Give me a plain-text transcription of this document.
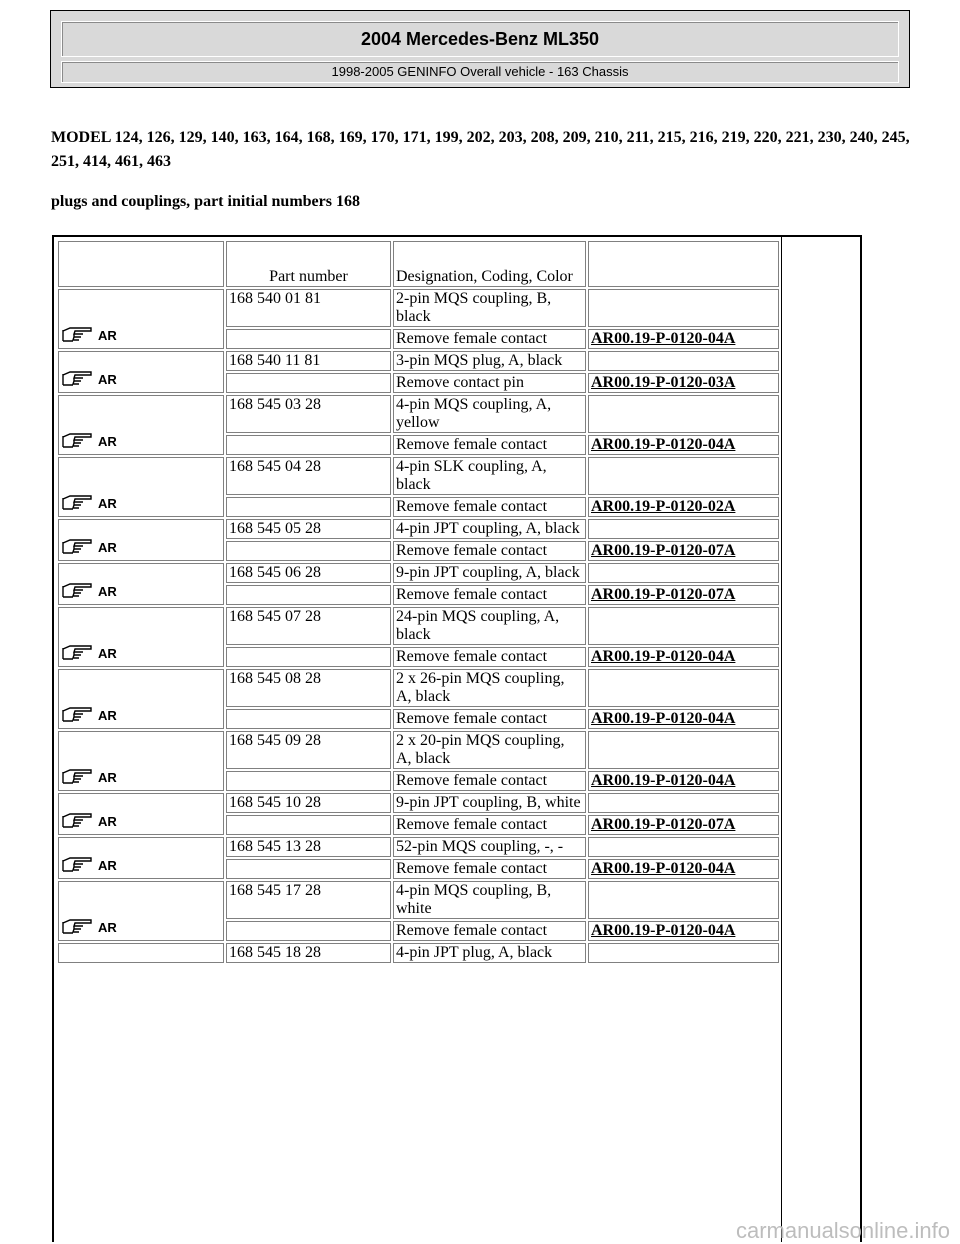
2004 Mercedes-Benz ML350
1998-2005 GENINFO Overall vehicle - 163 Chassis

MODEL 124, 126, 129, 140, 163, 164, 168, 169, 170, 171, 199, 202, 203, 208, 209, 210, 211, 215, 216, 219, 220, 221, 230, 240, 245, 251, 414, 461, 463

plugs and couplings, part initial numbers 168

	Part number	Designation, Coding, Color	

AR	168 540 01 81	2-pin MQS coupling, B, black	
		Remove female contact	AR00.19-P-0120-04A

AR	168 540 11 81	3-pin MQS plug, A, black	
		Remove contact pin	AR00.19-P-0120-03A

AR	168 545 03 28	4-pin MQS coupling, A, yellow	
		Remove female contact	AR00.19-P-0120-04A

AR	168 545 04 28	4-pin SLK coupling, A, black	
		Remove female contact	AR00.19-P-0120-02A

AR	168 545 05 28	4-pin JPT coupling, A, black	
		Remove female contact	AR00.19-P-0120-07A

AR	168 545 06 28	9-pin JPT coupling, A, black	
		Remove female contact	AR00.19-P-0120-07A

AR	168 545 07 28	24-pin MQS coupling, A, black	
		Remove female contact	AR00.19-P-0120-04A

AR	168 545 08 28	2 x 26-pin MQS coupling, A, black	
		Remove female contact	AR00.19-P-0120-04A

AR	168 545 09 28	2 x 20-pin MQS coupling, A, black	
		Remove female contact	AR00.19-P-0120-04A

AR	168 545 10 28	9-pin JPT coupling, B, white	
		Remove female contact	AR00.19-P-0120-07A

AR	168 545 13 28	52-pin MQS coupling, -, -	
		Remove female contact	AR00.19-P-0120-04A

AR	168 545 17 28	4-pin MQS coupling, B, white	
		Remove female contact	AR00.19-P-0120-04A
	168 545 18 28	4-pin JPT plug, A, black	
carmanualsonline.info
